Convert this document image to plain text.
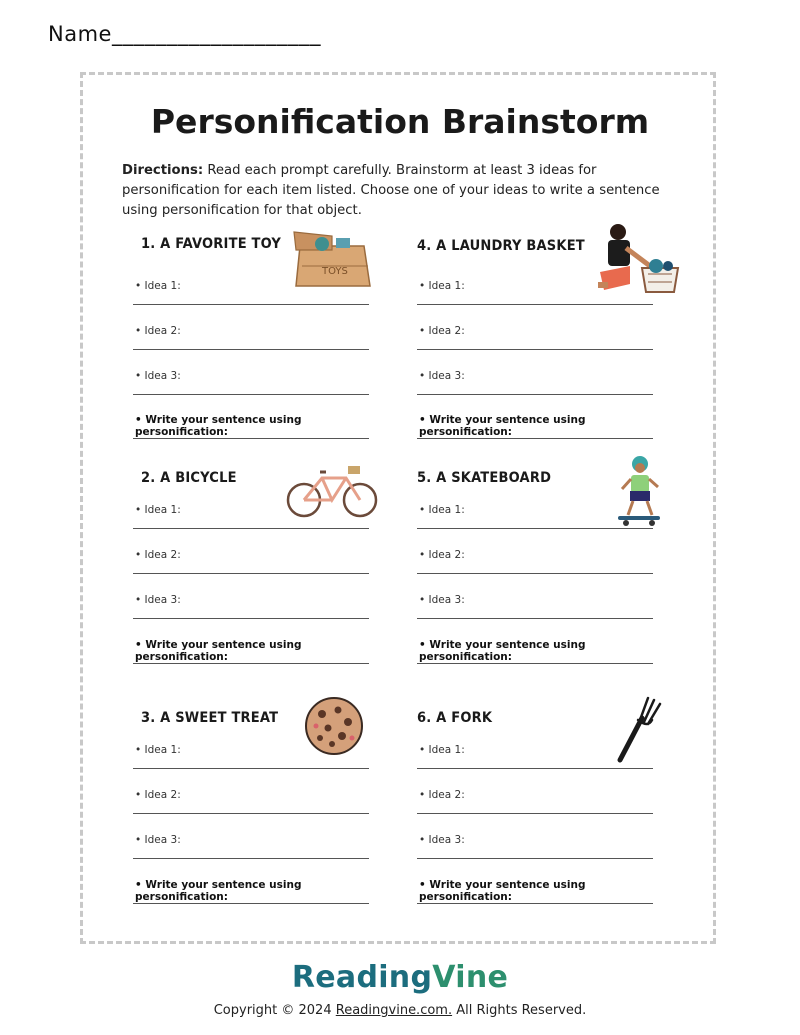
Name___________________
Personification Brainstorm
Directions: Read each prompt carefully. Brainstorm at least 3 ideas for personification for each item listed. Choose one of your ideas to write a sentence using personification for that object.
1. A FAVORITE TOY
• Idea 1:
• Idea 2:
• Idea 3:
• Write your sentence using personification:
TOYS
2. A BICYCLE
• Idea 1:
• Idea 2:
• Idea 3:
• Write your sentence using personification:
3. A SWEET TREAT
• Idea 1:
• Idea 2:
• Idea 3:
• Write your sentence using personification:
4. A LAUNDRY BASKET
• Idea 1:
• Idea 2:
• Idea 3:
• Write your sentence using personification:
5. A SKATEBOARD
• Idea 1:
• Idea 2:
• Idea 3:
• Write your sentence using personification:
6. A FORK
• Idea 1:
• Idea 2:
• Idea 3:
• Write your sentence using personification:
ReadingVine
Copyright © 2024 Readingvine.com. All Rights Reserved.
